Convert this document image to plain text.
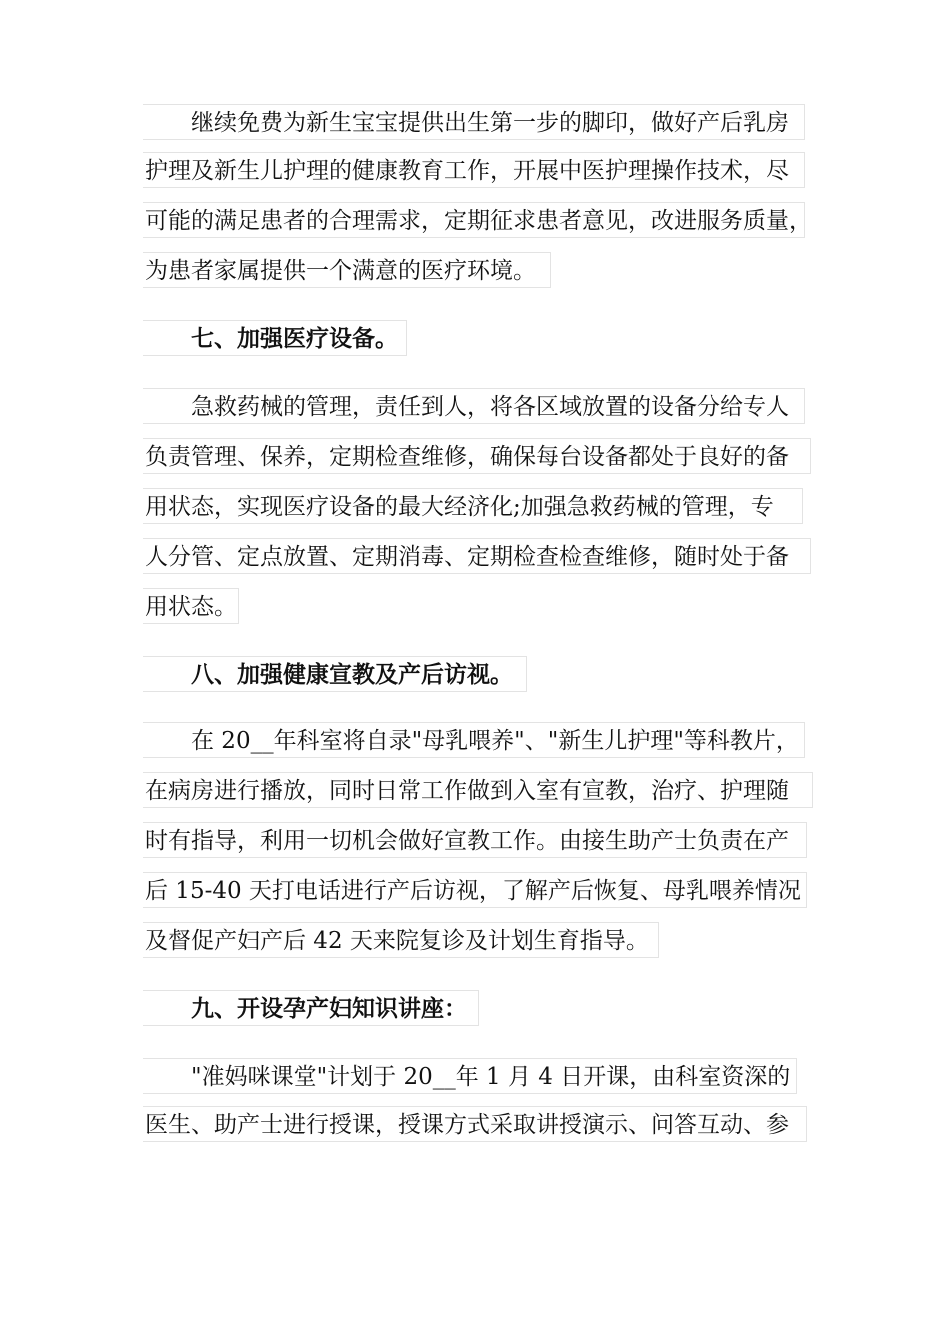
继续免费为新生宝宝提供出生第一步的脚印，做好产后乳房
护理及新生儿护理的健康教育工作，开展中医护理操作技术，尽
可能的满足患者的合理需求，定期征求患者意见，改进服务质量，
为患者家属提供一个满意的医疗环境。
七、加强医疗设备。
急救药械的管理，责任到人，将各区域放置的设备分给专人
负责管理、保养，定期检查维修，确保每台设备都处于良好的备
用状态，实现医疗设备的最大经济化;加强急救药械的管理，专
人分管、定点放置、定期消毒、定期检查检查维修，随时处于备
用状态。
八、加强健康宣教及产后访视。
在 20__年科室将自录"母乳喂养"、"新生儿护理"等科教片，
在病房进行播放，同时日常工作做到入室有宣教，治疗、护理随
时有指导，利用一切机会做好宣教工作。由接生助产士负责在产
后 15-40 天打电话进行产后访视，了解产后恢复、母乳喂养情况
及督促产妇产后 42 天来院复诊及计划生育指导。
九、开设孕产妇知识讲座：
"准妈咪课堂"计划于 20__年 1 月 4 日开课，由科室资深的
医生、助产士进行授课，授课方式采取讲授演示、问答互动、参
